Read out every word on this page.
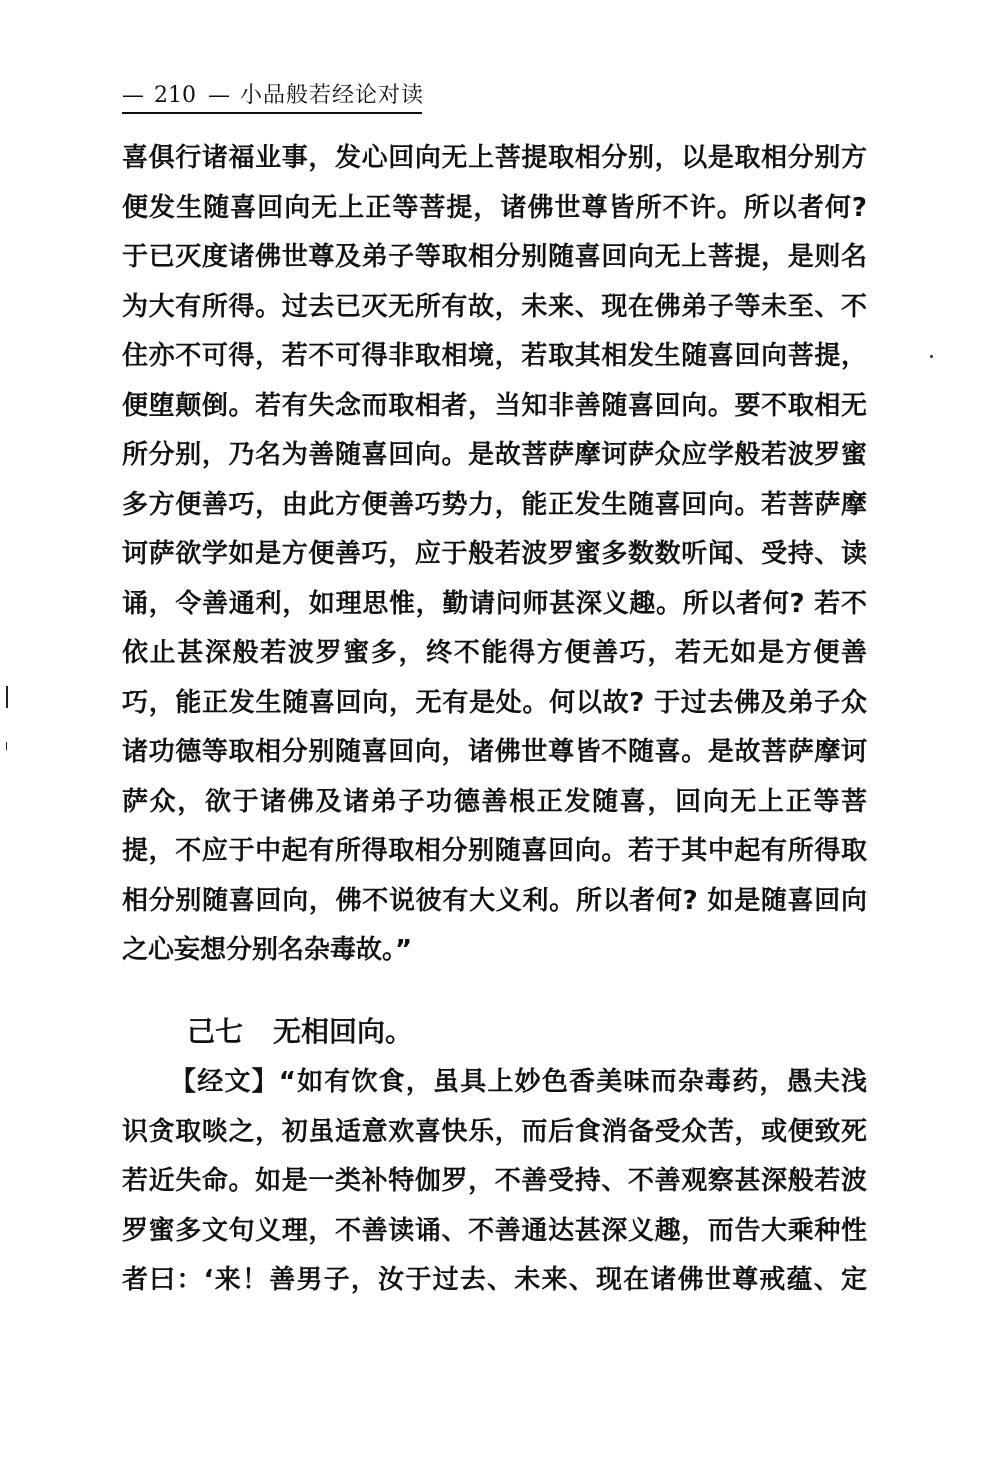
— 210 — 小品般若经论对读
喜俱行诸福业事，发心回向无上菩提取相分别，以是取相分别方
便发生随喜回向无上正等菩提，诸佛世尊皆所不许。所以者何?
于已灭度诸佛世尊及弟子等取相分别随喜回向无上菩提，是则名
为大有所得。过去已灭无所有故，未来、现在佛弟子等未至、不
住亦不可得，若不可得非取相境，若取其相发生随喜回向菩提，
便堕颠倒。若有失念而取相者，当知非善随喜回向。要不取相无
所分别，乃名为善随喜回向。是故菩萨摩诃萨众应学般若波罗蜜
多方便善巧，由此方便善巧势力，能正发生随喜回向。若菩萨摩
诃萨欲学如是方便善巧，应于般若波罗蜜多数数听闻、受持、读
诵，令善通利，如理思惟，勤请问师甚深义趣。所以者何? 若不
依止甚深般若波罗蜜多，终不能得方便善巧，若无如是方便善
巧，能正发生随喜回向，无有是处。何以故? 于过去佛及弟子众
诸功德等取相分别随喜回向，诸佛世尊皆不随喜。是故菩萨摩诃
萨众，欲于诸佛及诸弟子功德善根正发随喜，回向无上正等菩
提，不应于中起有所得取相分别随喜回向。若于其中起有所得取
相分别随喜回向，佛不说彼有大义利。所以者何? 如是随喜回向
之心妄想分别名杂毒故。”
己七 无相回向。
【经文】“如有饮食，虽具上妙色香美味而杂毒药，愚夫浅
识贪取啖之，初虽适意欢喜快乐，而后食消备受众苦，或便致死
若近失命。如是一类补特伽罗，不善受持、不善观察甚深般若波
罗蜜多文句义理，不善读诵、不善通达甚深义趣，而告大乘种性
者曰：‘来！善男子，汝于过去、未来、现在诸佛世尊戒蕴、定
